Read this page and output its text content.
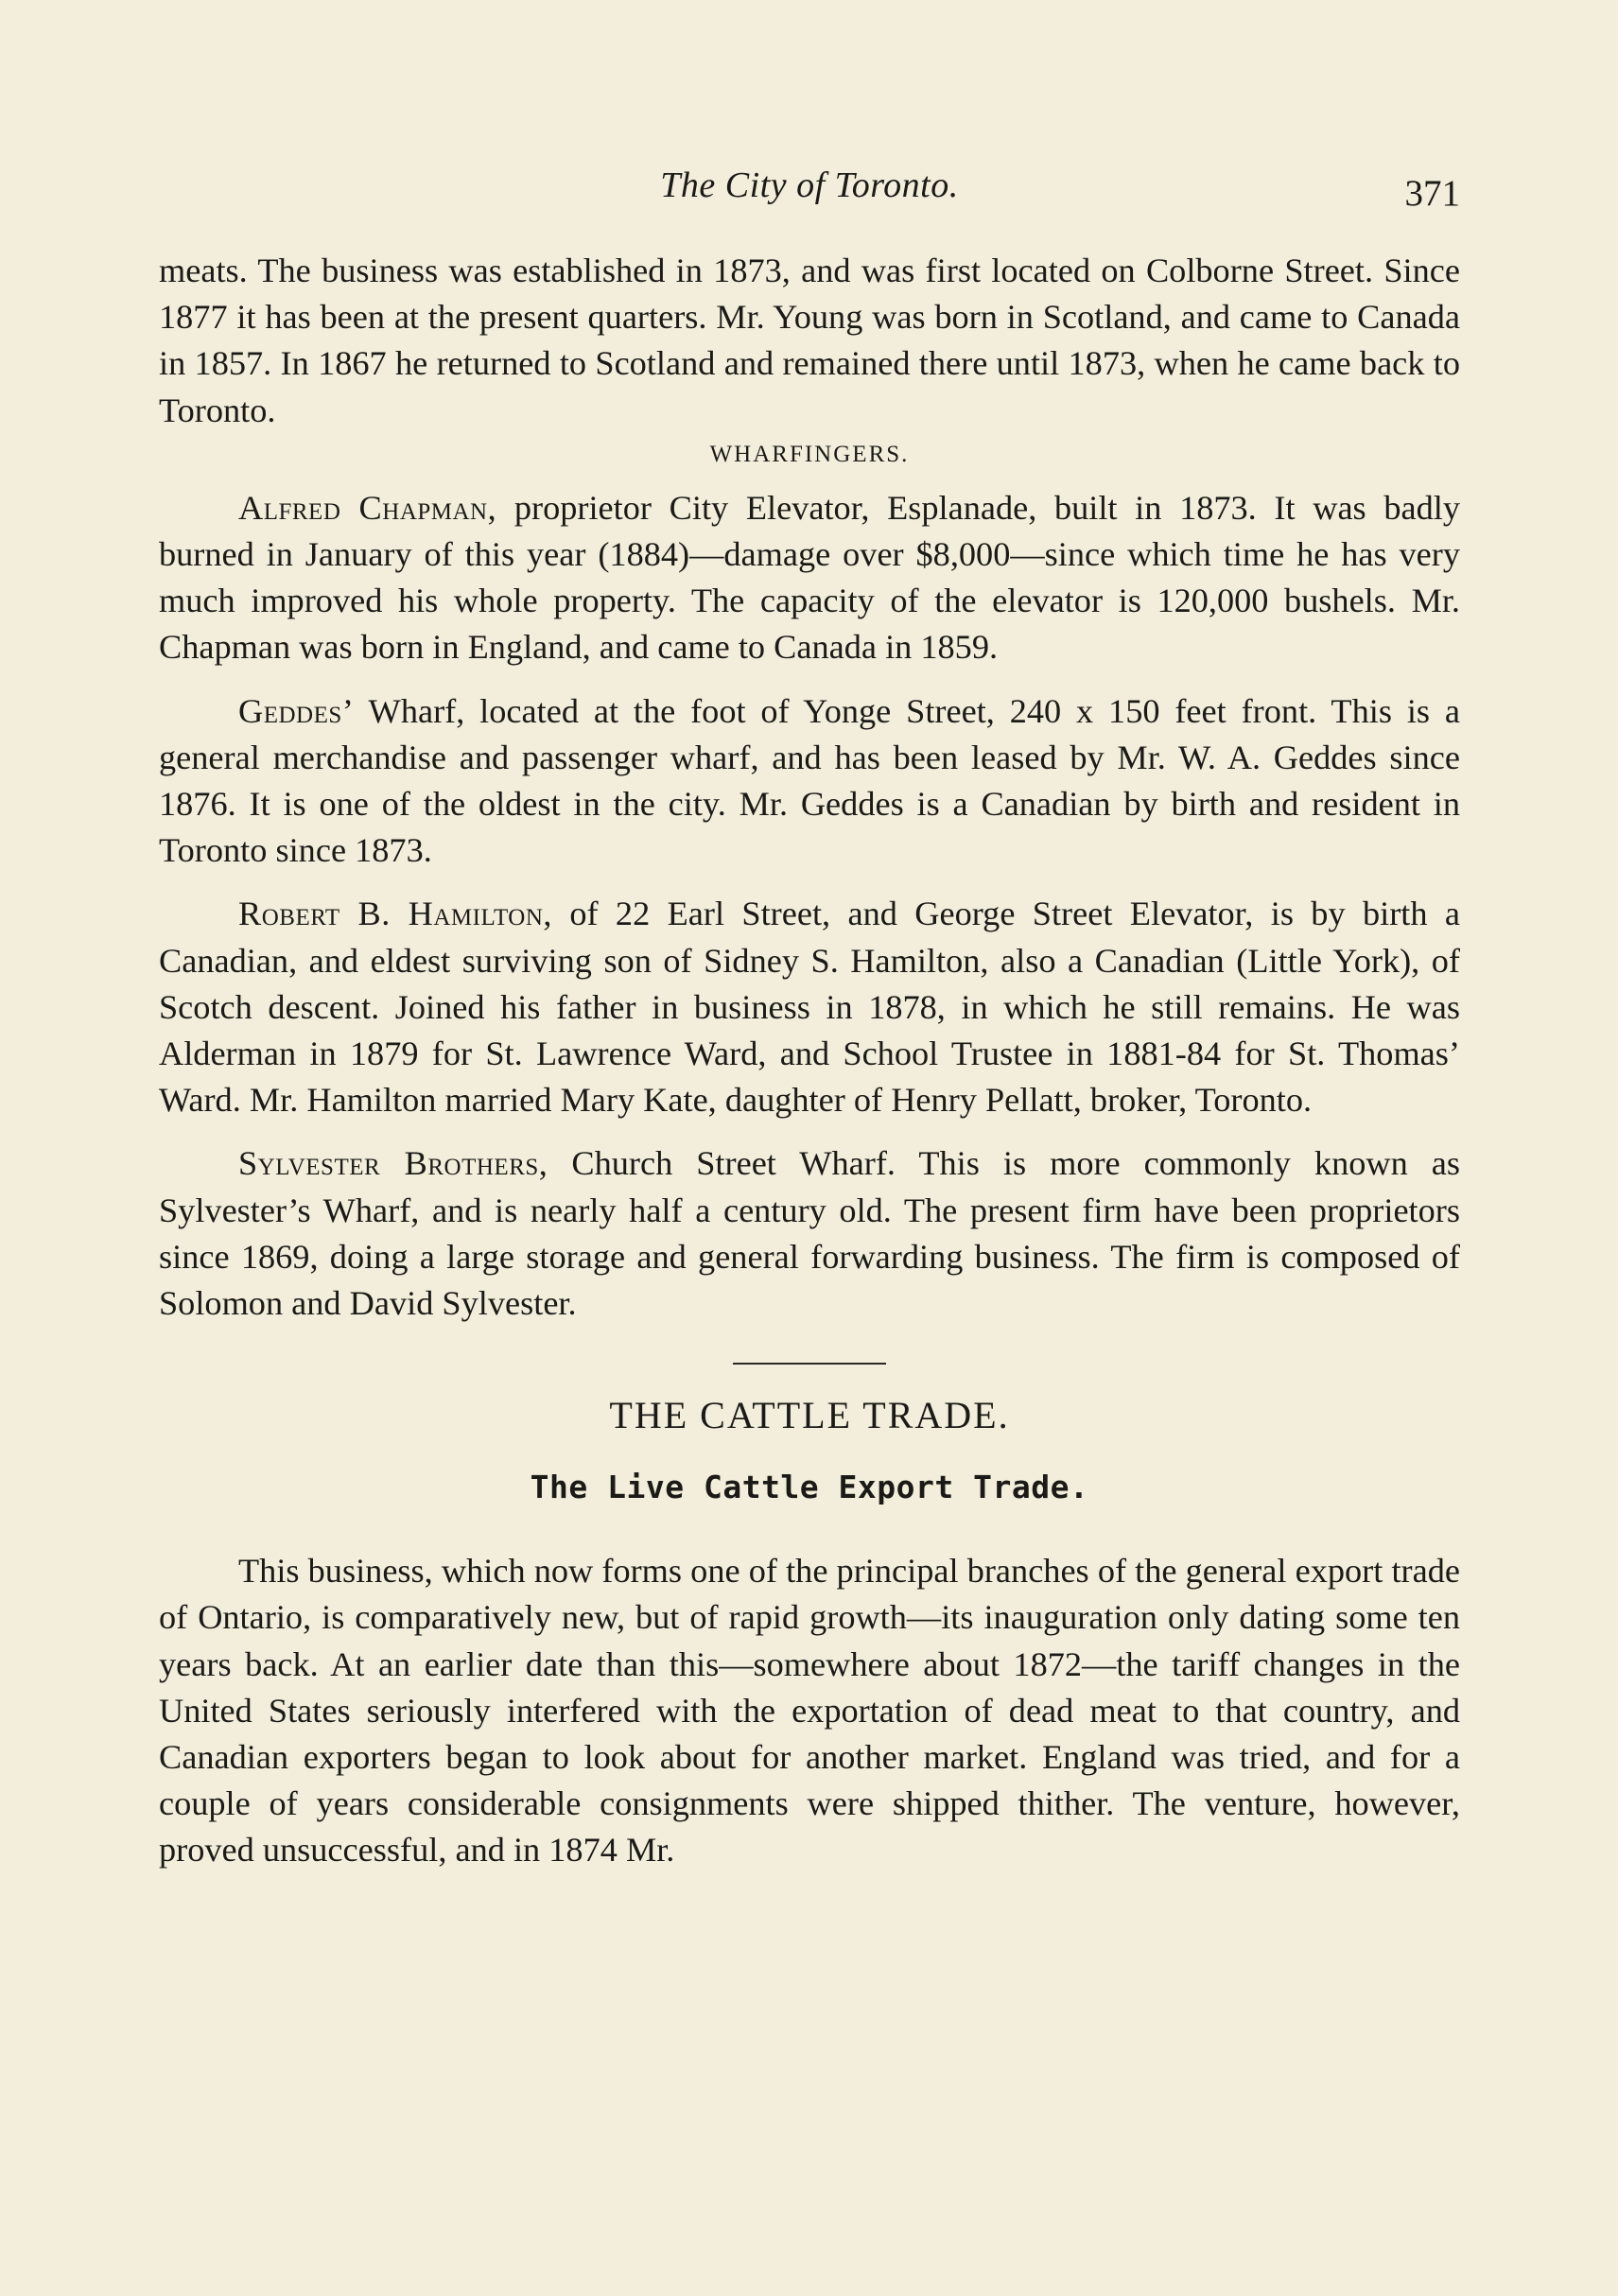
The City of Toronto.	371

meats. The business was established in 1873, and was first located on Colborne Street. Since 1877 it has been at the present quarters. Mr. Young was born in Scotland, and came to Canada in 1857. In 1867 he returned to Scotland and remained there until 1873, when he came back to Toronto.

WHARFINGERS.

Alfred Chapman, proprietor City Elevator, Esplanade, built in 1873. It was badly burned in January of this year (1884)—damage over $8,000—since which time he has very much improved his whole property. The capacity of the elevator is 120,000 bushels. Mr. Chapman was born in England, and came to Canada in 1859.

Geddes’ Wharf, located at the foot of Yonge Street, 240 x 150 feet front. This is a general merchandise and passenger wharf, and has been leased by Mr. W. A. Geddes since 1876. It is one of the oldest in the city. Mr. Geddes is a Canadian by birth and resident in Toronto since 1873.

Robert B. Hamilton, of 22 Earl Street, and George Street Elevator, is by birth a Canadian, and eldest surviving son of Sidney S. Hamilton, also a Canadian (Little York), of Scotch descent. Joined his father in business in 1878, in which he still remains. He was Alderman in 1879 for St. Lawrence Ward, and School Trustee in 1881-84 for St. Thomas’ Ward. Mr. Hamilton married Mary Kate, daughter of Henry Pellatt, broker, Toronto.

Sylvester Brothers, Church Street Wharf. This is more commonly known as Sylvester’s Wharf, and is nearly half a century old. The present firm have been proprietors since 1869, doing a large storage and general forwarding business. The firm is composed of Solomon and David Sylvester.

THE CATTLE TRADE.
The Live Cattle Export Trade.

This business, which now forms one of the principal branches of the general export trade of Ontario, is comparatively new, but of rapid growth—its inauguration only dating some ten years back. At an earlier date than this—somewhere about 1872—the tariff changes in the United States seriously interfered with the exportation of dead meat to that country, and Canadian exporters began to look about for another market. England was tried, and for a couple of years considerable consignments were shipped thither. The venture, however, proved unsuccessful, and in 1874 Mr.
